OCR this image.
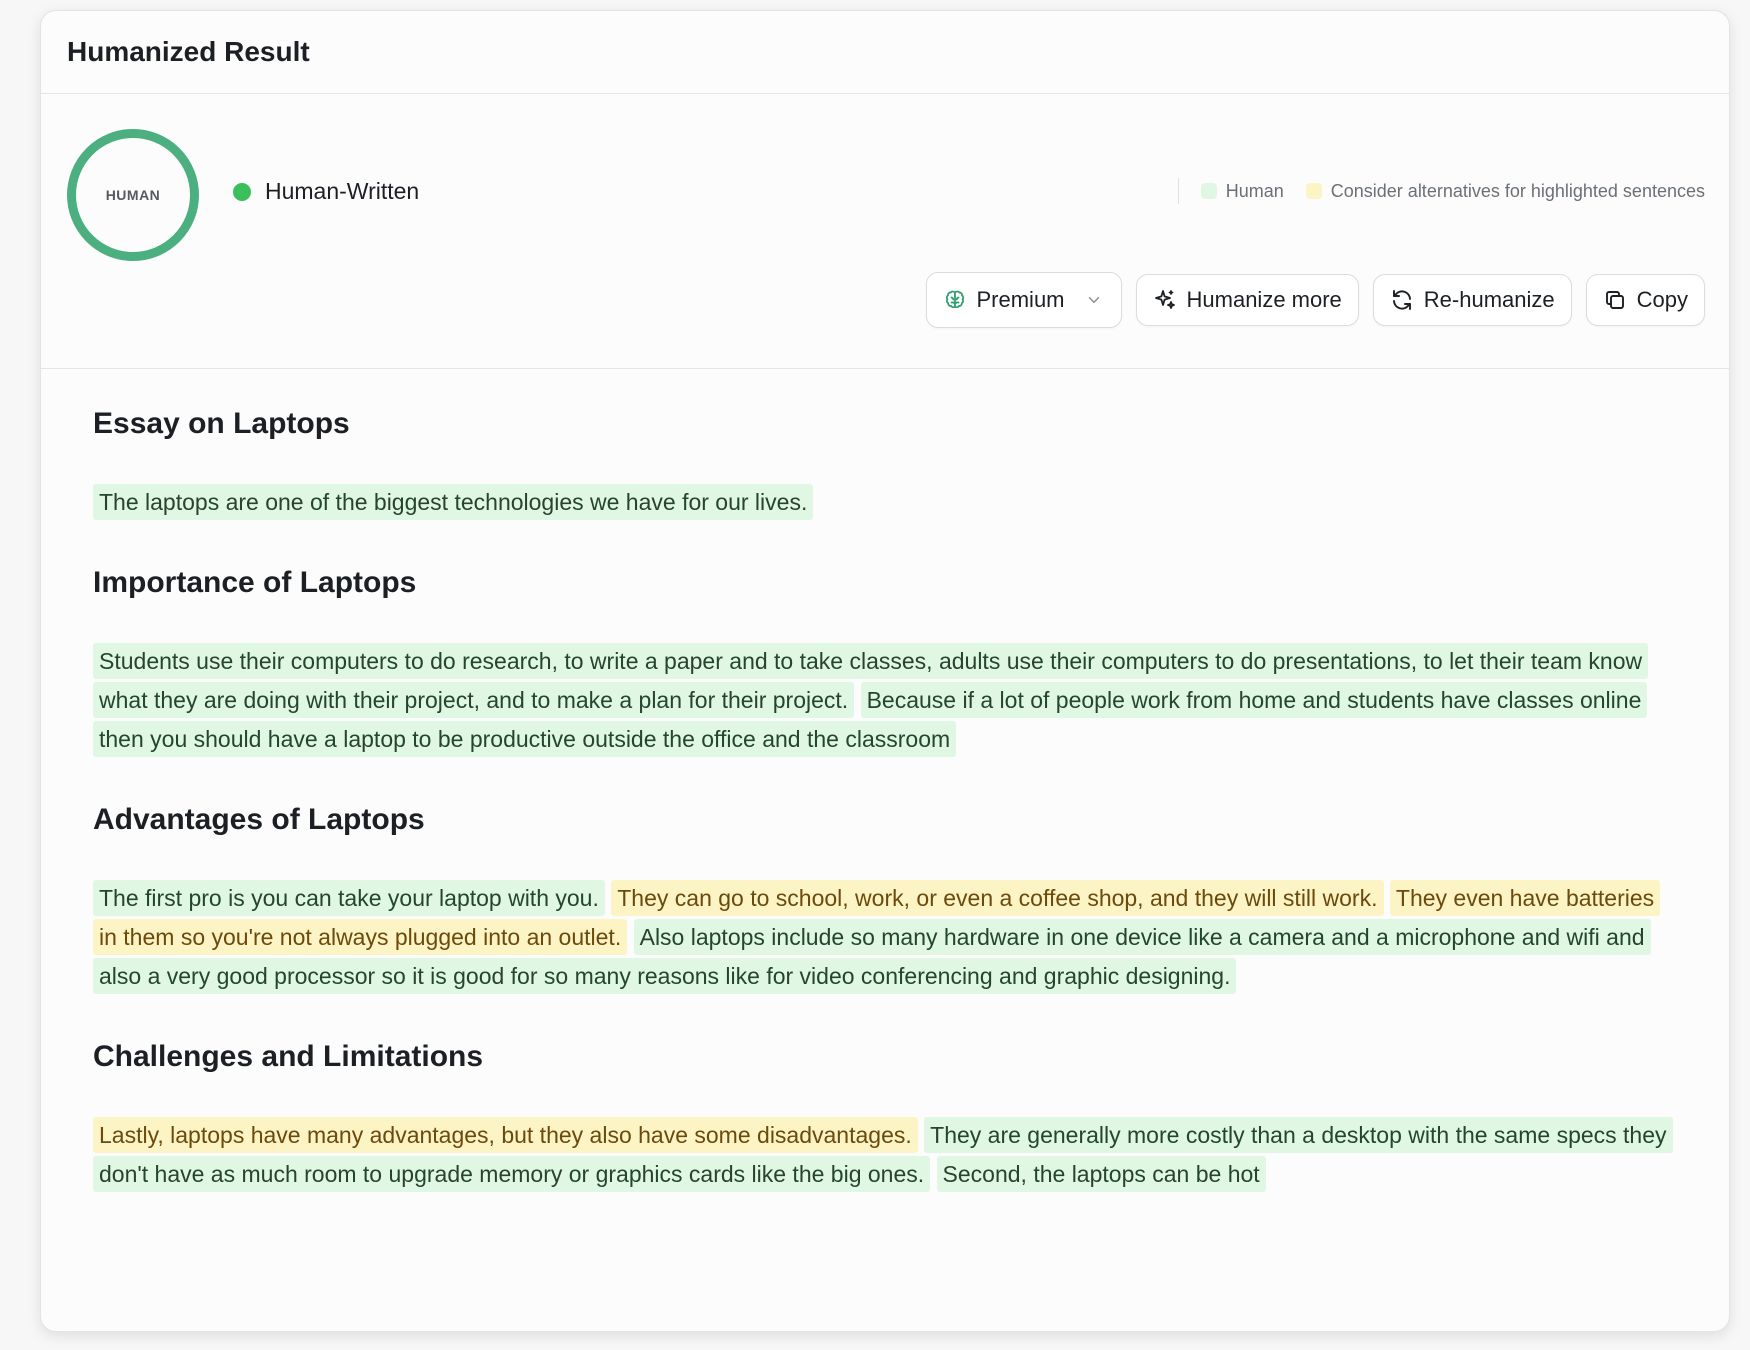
Humanized Result
HUMAN	Human-Written	Human	Consider alternatives for highlighted sentences
Premium	Humanize more	Re-humanize	Copy
Essay on Laptops

The laptops are one of the biggest technologies we have for our lives.

Importance of Laptops

Students use their computers to do research, to write a paper and to take classes, adults use their computers to do presentations, to let their team know what they are doing with their project, and to make a plan for their project. Because if a lot of people work from home and students have classes online then you should have a laptop to be productive outside the office and the classroom

Advantages of Laptops

The first pro is you can take your laptop with you. They can go to school, work, or even a coffee shop, and they will still work. They even have batteries in them so you're not always plugged into an outlet. Also laptops include so many hardware in one device like a camera and a microphone and wifi and also a very good processor so it is good for so many reasons like for video conferencing and graphic designing.

Challenges and Limitations

Lastly, laptops have many advantages, but they also have some disadvantages. They are generally more costly than a desktop with the same specs they don't have as much room to upgrade memory or graphics cards like the big ones. Second, the laptops can be hot
